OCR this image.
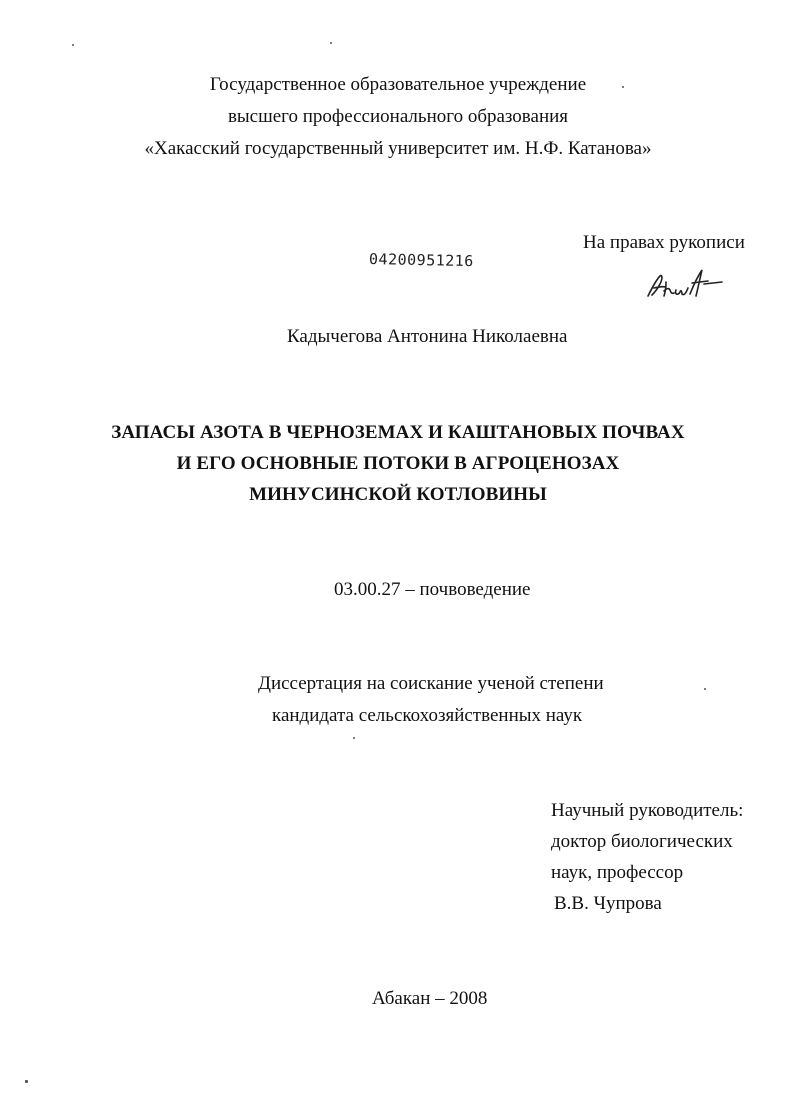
Государственное образовательное учреждение
высшего профессионального образования
«Хакасский государственный университет им. Н.Ф. Катанова»
04200951216
На правах рукописи
Кадычегова Антонина Николаевна
ЗАПАСЫ АЗОТА В ЧЕРНОЗЕМАХ И КАШТАНОВЫХ ПОЧВАХ
И ЕГО ОСНОВНЫЕ ПОТОКИ В АГРОЦЕНОЗАХ
МИНУСИНСКОЙ КОТЛОВИНЫ
03.00.27 – почвоведение
Диссертация на соискание ученой степени
кандидата сельскохозяйственных наук
Научный руководитель:
доктор биологических
наук, профессор
В.В. Чупрова
Абакан – 2008
